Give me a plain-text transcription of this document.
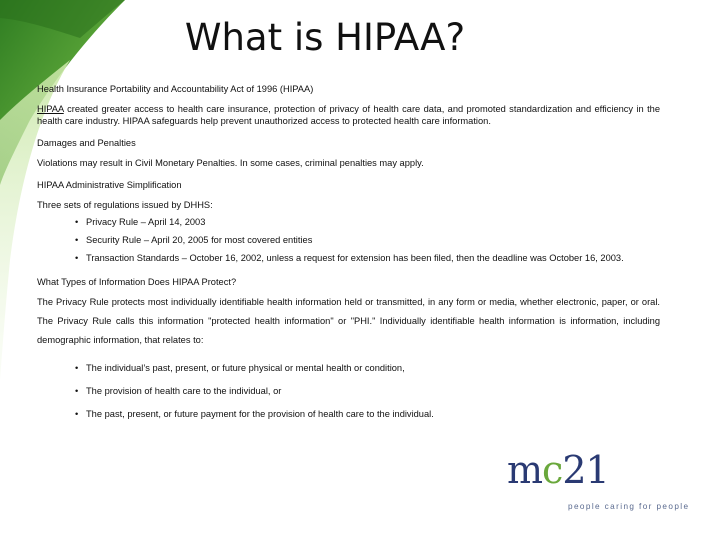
What is HIPAA?

Health Insurance Portability and Accountability Act of 1996 (HIPAA)

HIPAA created greater access to health care insurance, protection of privacy of health care data, and promoted standardization and efficiency in the health care industry. HIPAA safeguards help prevent unauthorized access to protected health care information.

Damages and Penalties

Violations may result in Civil Monetary Penalties. In some cases, criminal penalties may apply.

HIPAA Administrative Simplification

Three sets of regulations issued by DHHS:

• Privacy Rule – April 14, 2003
• Security Rule – April 20, 2005 for most covered entities
• Transaction Standards – October 16, 2002, unless a request for extension has been filed, then the deadline was October 16, 2003.

What Types of Information Does HIPAA Protect?

The Privacy Rule protects most individually identifiable health information held or transmitted, in any form or media, whether electronic, paper, or oral. The Privacy Rule calls this information "protected health information" or "PHI." Individually identifiable health information is information, including demographic information, that relates to:

• The individual’s past, present, or future physical or mental health or condition,
• The provision of health care to the individual, or
• The past, present, or future payment for the provision of health care to the individual.
mc21
people caring for people
